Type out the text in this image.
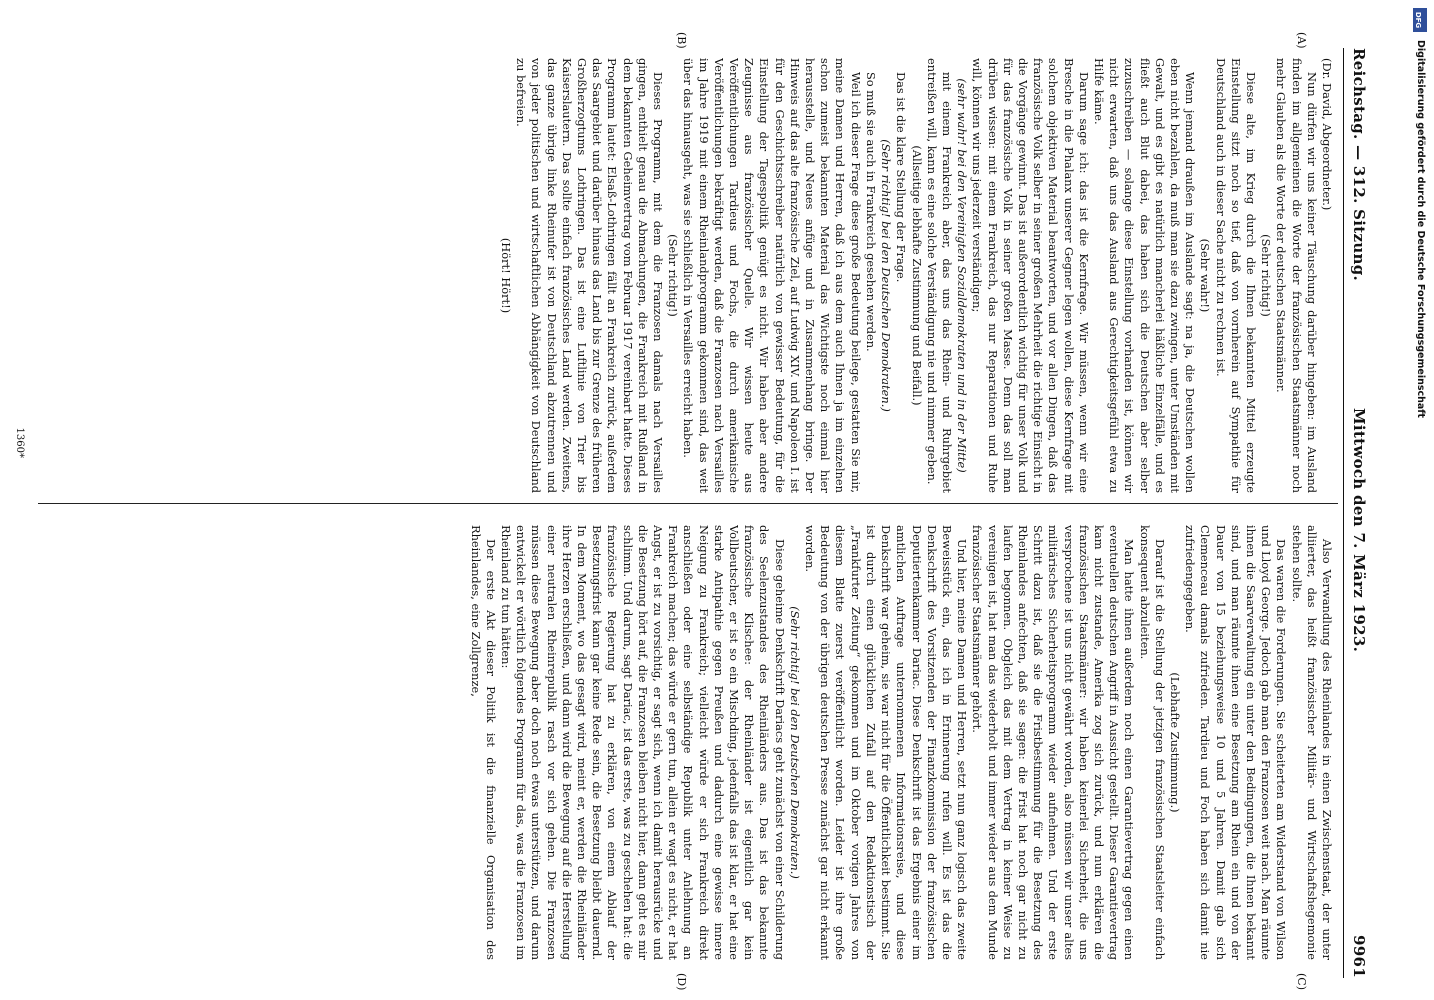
Reichstag. — 312. Sitzung.
Mittwoch den 7. März 1923.
9961
(A)
(B)
(C)
(D)

(Dr. David, Abgeordneter.)

Nun dürfen wir uns keiner Täuschung darüber hingeben: im Ausland finden im allgemeinen die Worte der französischen Staatsmänner noch mehr Glauben als die Worte der deutschen Staatsmänner.

(Sehr richtig!)

Diese alte, im Krieg durch die Ihnen bekannten Mittel erzeugte Einstellung sitzt noch so tief, daß von vornherein auf Sympathie für Deutschland auch in dieser Sache nicht zu rechnen ist.

(Sehr wahr!)

Wenn jemand draußen im Auslande sagt: na ja, die Deutschen wollen eben nicht bezahlen, da muß man sie dazu zwingen, unter Umständen mit Gewalt, und es gibt es natürlich mancherlei häßliche Einzelfälle, und es fließt auch Blut dabei, das haben sich die Deutschen aber selber zuzuschreiben — solange diese Einstellung vorhanden ist, können wir nicht erwarten, daß uns das Ausland aus Gerechtigkeitsgefühl etwa zu Hilfe käme.

Darum sage ich: das ist die Kernfrage. Wir müssen, wenn wir eine Bresche in die Phalanx unserer Gegner legen wollen, diese Kernfrage mit solchem objektiven Material beantworten, und vor allen Dingen, daß das französische Volk selber in seiner großen Mehrheit die richtige Einsicht in die Vorgänge gewinnt. Das ist außerordentlich wichtig für unser Volk und für das französische Volk in seiner großen Masse. Denn das soll man drüben wissen: mit einem Frankreich, das nur Reparationen und Ruhe will, können wir uns jederzeit verständigen;

(sehr wahr! bei den Vereinigten Sozialdemokraten und in der Mitte)

mit einem Frankreich aber, das uns das Rhein- und Ruhrgebiet entreißen will, kann es eine solche Verständigung nie und nimmer geben.

(Allseitige lebhafte Zustimmung und Beifall.)

Das ist die klare Stellung der Frage.

(Sehr richtig! bei den Deutschen Demokraten.)

So muß sie auch in Frankreich gesehen werden.

Weil ich dieser Frage diese große Bedeutung beilege, gestatten Sie mir, meine Damen und Herren, daß ich aus dem auch Ihnen ja im einzelnen schon zumeist bekannten Material das Wichtigste noch einmal hier herausstelle, und Neues anfüge und in Zusammenhang bringe. Der Hinweis auf das alte französische Ziel, auf Ludwig XIV. und Napoleon I. ist für den Geschichtsschreiber natürlich von gewisser Bedeutung, für die Einstellung der Tagespolitik genügt es nicht. Wir haben aber andere Zeugnisse aus französischer Quelle. Wir wissen heute aus Veröffentlichungen Tardieus und Fochs, die durch amerikanische Veröffentlichungen bekräftigt werden, daß die Franzosen nach Versailles im Jahre 1919 mit einem Rheinlandprogramm gekommen sind, das weit über das hinausgeht, was sie schließlich in Versailles erreicht haben.

(Sehr richtig!)

Dieses Programm, mit dem die Franzosen damals nach Versailles gingen, enthielt genau die Abmachungen, die Frankreich mit Rußland in dem bekannten Geheimvertrag vom Februar 1917 vereinbart hatte. Dieses Programm lautet: Elsaß-Lothringen fällt an Frankreich zurück, außerdem das Saargebiet und darüber hinaus das Land bis zur Grenze des früheren Großherzogtums Lothringen. Das ist eine Luftlinie von Trier bis Kaiserslautern. Das sollte einfach französisches Land werden. Zweitens, das ganze übrige linke Rheinufer ist von Deutschland abzutrennen und von jeder politischen und wirtschaftlichen Abhängigkeit von Deutschland zu befreien.

(Hört! Hört!)

Also Verwandlung des Rheinlandes in einen Zwischenstaat, der unter alliierter, das heißt französischer Militär- und Wirtschaftshegemonie stehen sollte.

Das waren die Forderungen. Sie scheiterten am Widerstand von Wilson und Lloyd George. Jedoch gab man den Franzosen weit nach. Man räumte ihnen die Saarverwaltung ein unter den Bedingungen, die Ihnen bekannt sind, und man räumte ihnen eine Besetzung am Rhein ein und von der Dauer von 15 beziehungsweise 10 und 5 Jahren. Damit gab sich Clemenceau damals zufrieden. Tardieu und Foch haben sich damit nie zufriedengegeben.

(Lebhafte Zustimmung.)

Darauf ist die Stellung der jetzigen französischen Staatsleiter einfach konsequent abzuleiten.

Man hatte ihnen außerdem noch einen Garantievertrag gegen einen eventuellen deutschen Angriff in Aussicht gestellt. Dieser Garantievertrag kam nicht zustande, Amerika zog sich zurück, und nun erklären die französischen Staatsmänner: wir haben keinerlei Sicherheit, die uns versprochene ist uns nicht gewährt worden, also müssen wir unser altes militärisches Sicherheitsprogramm wieder aufnehmen. Und der erste Schritt dazu ist, daß sie die Fristbestimmung für die Besetzung des Rheinlandes anfechten, daß sie sagen: die Frist hat noch gar nicht zu laufen begonnen. Obgleich das mit dem Vertrag in keiner Weise zu vereinigen ist, hat man das wiederholt und immer wieder aus dem Munde französischer Staatsmänner gehört.

Und hier, meine Damen und Herren, setzt nun ganz logisch das zweite Beweisstück ein, das ich in Erinnerung rufen will. Es ist das die Denkschrift des Vorsitzenden der Finanzkommission der französischen Deputiertenkammer Dariac. Diese Denkschrift ist das Ergebnis einer im amtlichen Auftrage unternommenen Informationsreise, und diese Denkschrift war geheim, sie war nicht für die Öffentlichkeit bestimmt. Sie ist durch einen glücklichen Zufall auf den Redaktionstisch der „Frankfurter Zeitung“ gekommen und im Oktober vorigen Jahres von diesem Blatte zuerst veröffentlicht worden. Leider ist ihre große Bedeutung von der übrigen deutschen Presse zunächst gar nicht erkannt worden.

(Sehr richtig! bei den Deutschen Demokraten.)

Diese geheime Denkschrift Dariacs geht zunächst von einer Schilderung des Seelenzustandes des Rheinländers aus. Das ist das bekannte französische Klischee: der Rheinländer ist eigentlich gar kein Vollbeutscher, er ist so ein Mischding, jedenfalls das ist klar, er hat eine starke Antipathie gegen Preußen und dadurch eine gewisse innere Neigung zu Frankreich; vielleicht würde er sich Frankreich direkt anschließen oder eine selbständige Republik unter Anlehnung an Frankreich machen; das würde er gern tun, allein er wagt es nicht, er hat Angst, er ist zu vorsichtig, er sagt sich, wenn ich damit herausrücke und die Besetzung hört auf, die Franzosen bleiben nicht hier, dann geht es mir schlimm. Und darum, sagt Dariac, ist das erste, was zu geschehen hat: die französische Regierung hat zu erklären, von einem Ablauf der Besetzungsfrist kann gar keine Rede sein, die Besetzung bleibt dauernd. In dem Moment, wo das gesagt wird, meint er, werden die Rheinländer ihre Herzen erschließen, und dann wird die Bewegung auf die Herstellung einer neutralen Rheinrepublik rasch vor sich gehen. Die Franzosen müssen diese Bewegung aber doch noch etwas unterstützen, und darum entwickelt er wörtlich folgendes Programm für das, was die Franzosen im Rheinland zu tun hätten:

Der erste Akt dieser Politik ist die finanzielle Organisation des Rheinlandes, eine Zollgrenze,

1360*
DFG
Digitalisierung gefördert durch die Deutsche Forschungsgemeinschaft
